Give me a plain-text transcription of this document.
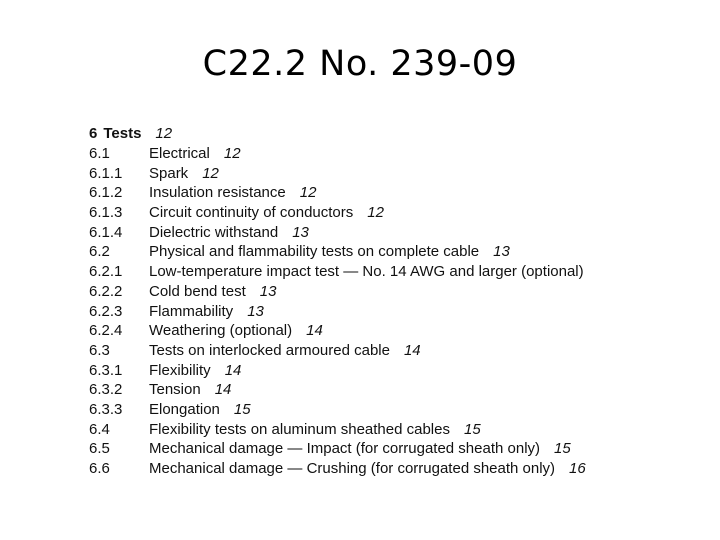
C22.2 No. 239-09
6 Tests 12
6.1	Electrical 12
6.1.1	Spark 12
6.1.2	Insulation resistance 12
6.1.3	Circuit continuity of conductors 12
6.1.4	Dielectric withstand 13
6.2	Physical and flammability tests on complete cable 13
6.2.1	Low-temperature impact test — No. 14 AWG and larger (optional)
6.2.2	Cold bend test 13
6.2.3	Flammability 13
6.2.4	Weathering (optional) 14
6.3	Tests on interlocked armoured cable 14
6.3.1	Flexibility 14
6.3.2	Tension 14
6.3.3	Elongation 15
6.4	Flexibility tests on aluminum sheathed cables 15
6.5	Mechanical damage — Impact (for corrugated sheath only) 15
6.6	Mechanical damage — Crushing (for corrugated sheath only) 16
